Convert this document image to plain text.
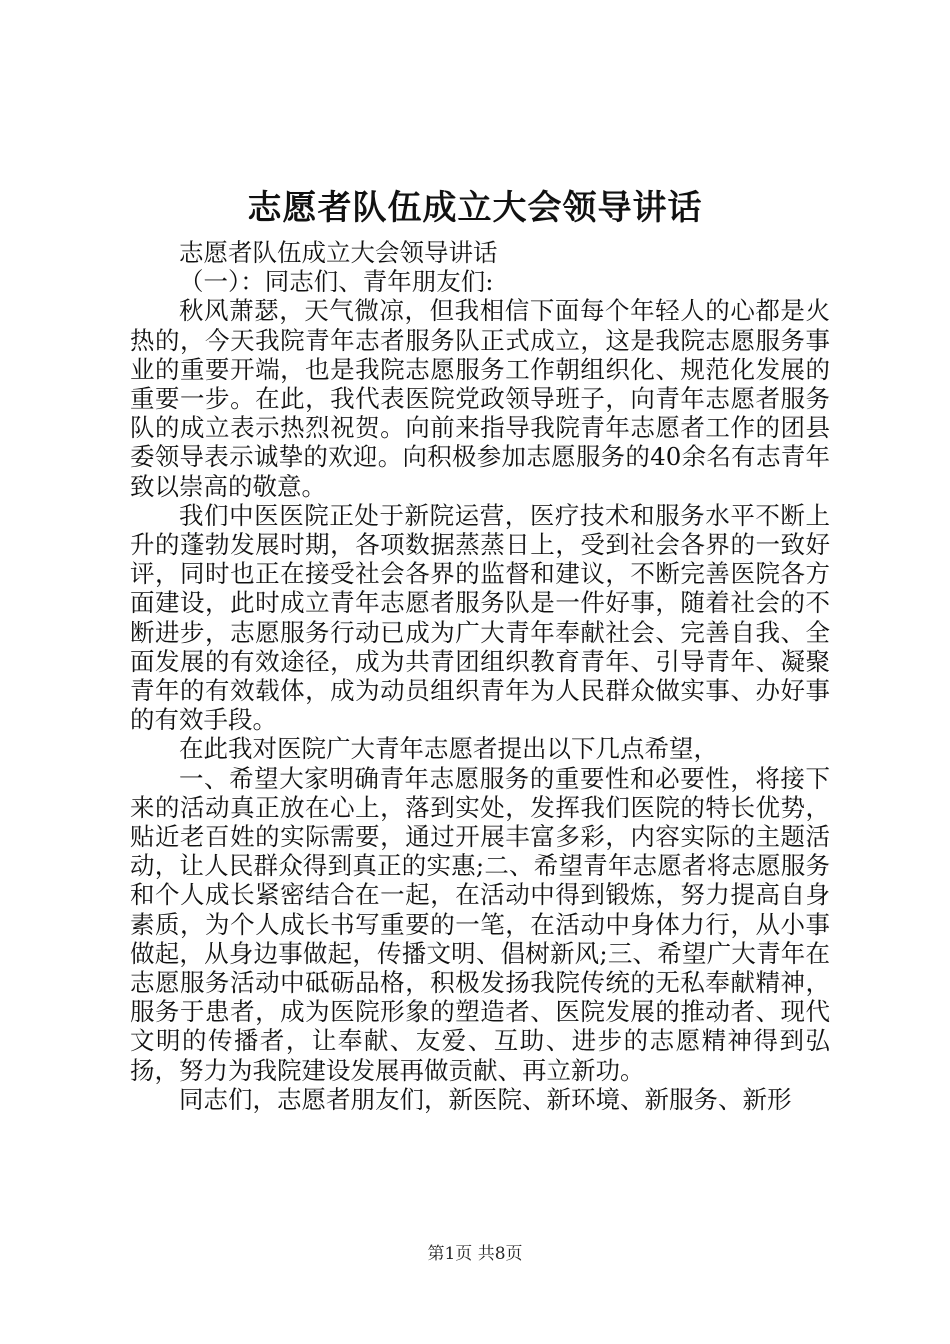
志愿者队伍成立大会领导讲话

志愿者队伍成立大会领导讲话

（一）：同志们、青年朋友们:

秋风萧瑟，天气微凉，但我相信下面每个年轻人的心都是火热的，今天我院青年志者服务队正式成立，这是我院志愿服务事业的重要开端，也是我院志愿服务工作朝组织化、规范化发展的重要一步。在此，我代表医院党政领导班子，向青年志愿者服务队的成立表示热烈祝贺。向前来指导我院青年志愿者工作的团县委领导表示诚挚的欢迎。向积极参加志愿服务的40余名有志青年致以崇高的敬意。

我们中医医院正处于新院运营，医疗技术和服务水平不断上升的蓬勃发展时期，各项数据蒸蒸日上，受到社会各界的一致好评，同时也正在接受社会各界的监督和建议，不断完善医院各方面建设，此时成立青年志愿者服务队是一件好事，随着社会的不断进步，志愿服务行动已成为广大青年奉献社会、完善自我、全面发展的有效途径，成为共青团组织教育青年、引导青年、凝聚青年的有效载体，成为动员组织青年为人民群众做实事、办好事的有效手段。

在此我对医院广大青年志愿者提出以下几点希望，

一、希望大家明确青年志愿服务的重要性和必要性，将接下来的活动真正放在心上，落到实处，发挥我们医院的特长优势，贴近老百姓的实际需要，通过开展丰富多彩，内容实际的主题活动，让人民群众得到真正的实惠;二、希望青年志愿者将志愿服务和个人成长紧密结合在一起，在活动中得到锻炼，努力提高自身素质，为个人成长书写重要的一笔，在活动中身体力行，从小事做起，从身边事做起，传播文明、倡树新风;三、希望广大青年在志愿服务活动中砥砺品格，积极发扬我院传统的无私奉献精神，服务于患者，成为医院形象的塑造者、医院发展的推动者、现代文明的传播者，让奉献、友爱、互助、进步的志愿精神得到弘扬，努力为我院建设发展再做贡献、再立新功。

同志们，志愿者朋友们，新医院、新环境、新服务、新形

第1页 共8页
